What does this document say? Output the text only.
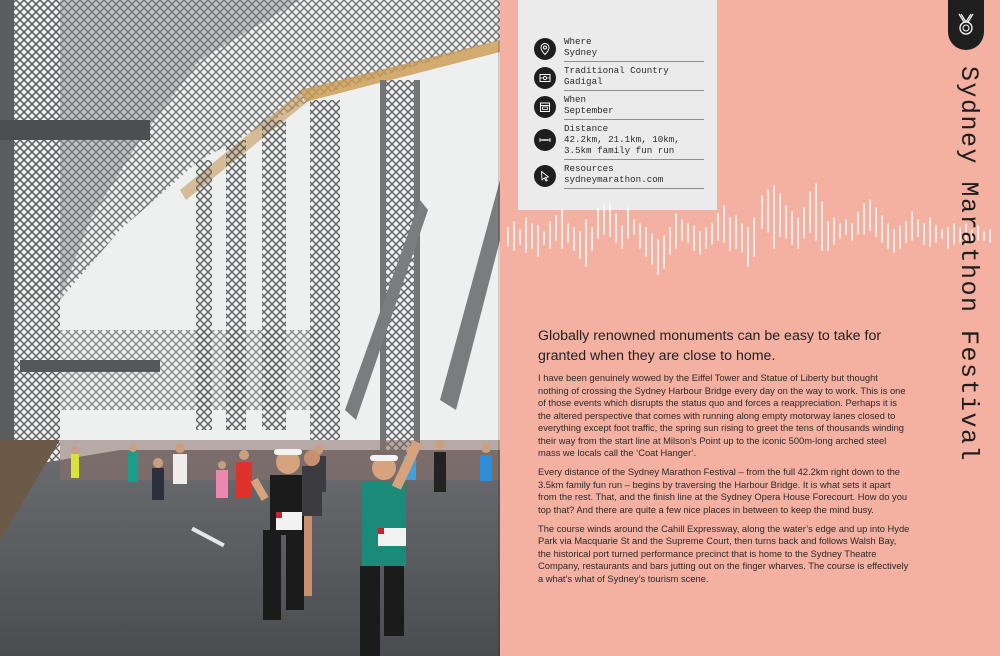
Where
Sydney
Traditional Country
Gadigal
When
September
Distance
42.2km, 21.1km, 10km,
3.5km family fun run
Resources
sydneymarathon.com	Sydney Marathon Festival
Globally renowned monuments can be easy to take for granted when they are close to home.

I have been genuinely wowed by the Eiffel Tower and Statue of Liberty but thought nothing of crossing the Sydney Harbour Bridge every day on the way to work. This is one of those events which disrupts the status quo and forces a reappreciation. Perhaps it is the altered perspective that comes with running along empty motorway lanes closed to everything except foot traffic, the spring sun rising to greet the tens of thousands winding their way from the start line at Milson’s Point up to the iconic 500m-long arched steel mass we locals call the ‘Coat Hanger’.

Every distance of the Sydney Marathon Festival – from the full 42.2km right down to the 3.5km family fun run – begins by traversing the Harbour Bridge. It is what sets it apart from the rest. That, and the finish line at the Sydney Opera House Forecourt. How do you top that? And there are quite a few nice places in between to keep the mind busy.

The course winds around the Cahill Expressway, along the water’s edge and up into Hyde Park via Macquarie St and the Supreme Court, then turns back and follows Walsh Bay, the historical port turned performance precinct that is home to the Sydney Theatre Company, restaurants and bars jutting out on the finger wharves. The course is effectively a what’s what of Sydney’s tourism scene.
